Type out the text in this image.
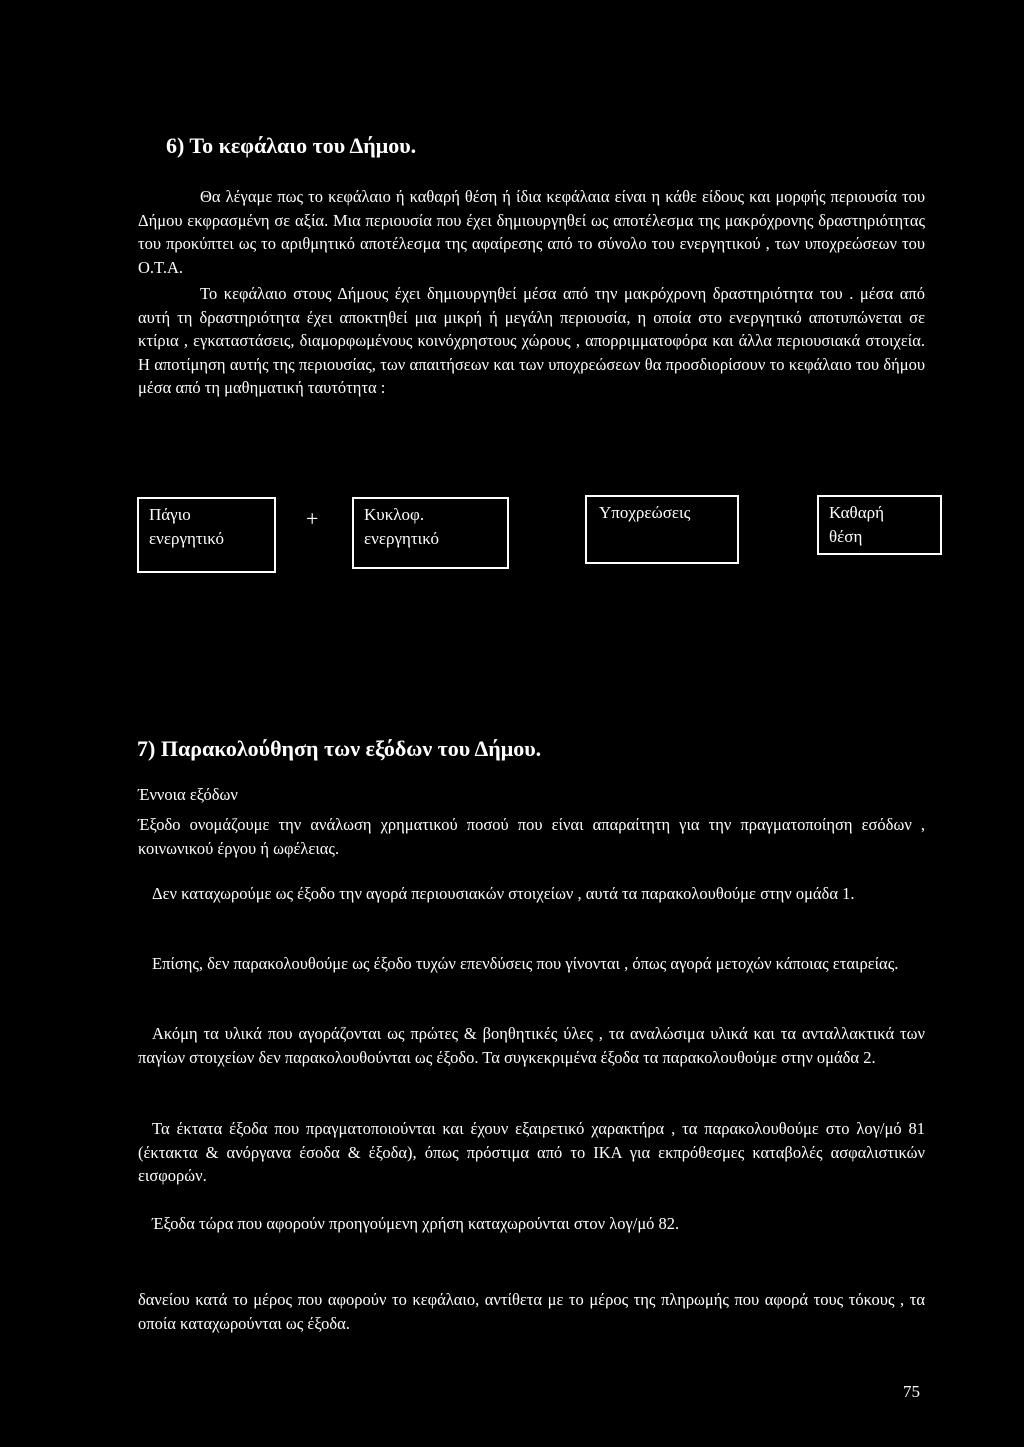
6) Το κεφάλαιο του Δήμου.
Θα λέγαμε πως το κεφάλαιο ή καθαρή θέση ή ίδια κεφάλαια είναι η κάθε είδους και μορφής περιουσία του Δήμου εκφρασμένη σε αξία. Μια περιουσία που έχει δημιουργηθεί ως αποτέλεσμα της μακρόχρονης δραστηριότητας του προκύπτει ως το αριθμητικό αποτέλεσμα της αφαίρεσης από το σύνολο του ενεργητικού , των υποχρεώσεων του Ο.Τ.Α.
Το κεφάλαιο στους Δήμους έχει δημιουργηθεί μέσα από την μακρόχρονη δραστηριότητα του . μέσα από αυτή τη δραστηριότητα έχει αποκτηθεί μια μικρή ή μεγάλη περιουσία, η οποία στο ενεργητικό αποτυπώνεται σε κτίρια , εγκαταστάσεις, διαμορφωμένους κοινόχρηστους χώρους , απορριμματοφόρα και άλλα περιουσιακά στοιχεία. Η αποτίμηση αυτής της περιουσίας, των απαιτήσεων και των υποχρεώσεων θα προσδιορίσουν το κεφάλαιο του δήμου μέσα από τη μαθηματική ταυτότητα :
Πάγιο
ενεργητικό
+	Κυκλοφ.
ενεργητικό
Υποχρεώσεις	Καθαρή
θέση
7) Παρακολούθηση των εξόδων του Δήμου.
Έννοια εξόδων
Έξοδο ονομάζουμε την ανάλωση χρηματικού ποσού που είναι απαραίτητη για την πραγματοποίηση εσόδων , κοινωνικού έργου ή ωφέλειας.
Δεν καταχωρούμε ως έξοδο την αγορά περιουσιακών στοιχείων , αυτά τα παρακολουθούμε στην ομάδα 1.
Επίσης, δεν παρακολουθούμε ως έξοδο τυχών επενδύσεις που γίνονται , όπως αγορά μετοχών κάποιας εταιρείας.
Ακόμη τα υλικά που αγοράζονται ως πρώτες & βοηθητικές ύλες , τα αναλώσιμα υλικά και τα ανταλλακτικά των παγίων στοιχείων δεν παρακολουθούνται ως έξοδο. Τα συγκεκριμένα έξοδα τα παρακολουθούμε στην ομάδα 2.
Τα έκτατα έξοδα που πραγματοποιούνται και έχουν εξαιρετικό χαρακτήρα , τα παρακολουθούμε στο λογ/μό 81 (έκτακτα & ανόργανα έσοδα & έξοδα), όπως πρόστιμα από το ΙΚΑ για εκπρόθεσμες καταβολές ασφαλιστικών εισφορών.
Έξοδα τώρα που αφορούν προηγούμενη χρήση καταχωρούνται στον λογ/μό 82.
δανείου κατά το μέρος που αφορούν το κεφάλαιο, αντίθετα με το μέρος της πληρωμής που αφορά τους τόκους , τα οποία καταχωρούνται ως έξοδα.
75
